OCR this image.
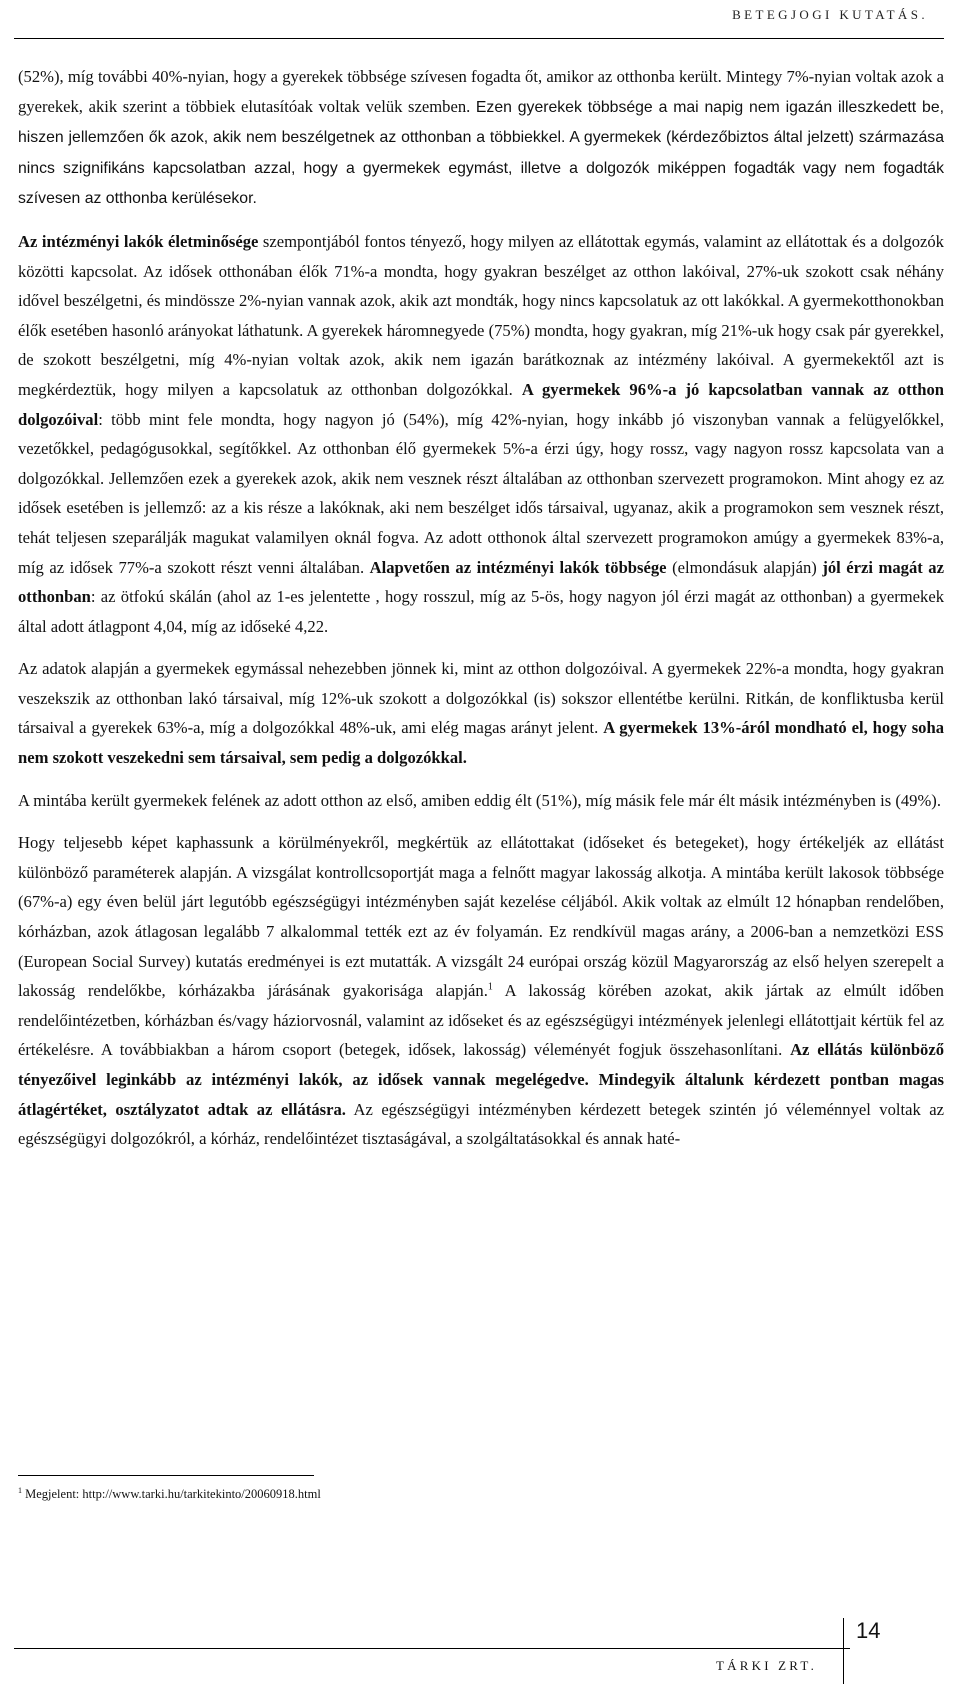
BETEGJOGI KUTATÁS.

(52%), míg további 40%-nyian, hogy a gyerekek többsége szívesen fogadta őt, amikor az otthonba került. Mintegy 7%-nyian voltak azok a gyerekek, akik szerint a többiek elutasítóak voltak velük szemben. Ezen gyerekek többsége a mai napig nem igazán illeszkedett be, hiszen jellemzően ők azok, akik nem beszélgetnek az otthonban a többiekkel. A gyermekek (kérdezőbiztos által jelzett) származása nincs szignifikáns kapcsolatban azzal, hogy a gyermekek egymást, illetve a dolgozók miképpen fogadták vagy nem fogadták szívesen az otthonba kerülésekor.

Az intézményi lakók életminősége szempontjából fontos tényező, hogy milyen az ellátottak egymás, valamint az ellátottak és a dolgozók közötti kapcsolat. Az idősek otthonában élők 71%-a mondta, hogy gyakran beszélget az otthon lakóival, 27%-uk szokott csak néhány idővel beszélgetni, és mindössze 2%-nyian vannak azok, akik azt mondták, hogy nincs kapcsolatuk az ott lakókkal. A gyermekotthonokban élők esetében hasonló arányokat láthatunk. A gyerekek háromnegyede (75%) mondta, hogy gyakran, míg 21%-uk hogy csak pár gyerekkel, de szokott beszélgetni, míg 4%-nyian voltak azok, akik nem igazán barátkoznak az intézmény lakóival. A gyermekektől azt is megkérdeztük, hogy milyen a kapcsolatuk az otthonban dolgozókkal. A gyermekek 96%-a jó kapcsolatban vannak az otthon dolgozóival: több mint fele mondta, hogy nagyon jó (54%), míg 42%-nyian, hogy inkább jó viszonyban vannak a felügyelőkkel, vezetőkkel, pedagógusokkal, segítőkkel. Az otthonban élő gyermekek 5%-a érzi úgy, hogy rossz, vagy nagyon rossz kapcsolata van a dolgozókkal. Jellemzően ezek a gyerekek azok, akik nem vesznek részt általában az otthonban szervezett programokon. Mint ahogy ez az idősek esetében is jellemző: az a kis része a lakóknak, aki nem beszélget idős társaival, ugyanaz, akik a programokon sem vesznek részt, tehát teljesen szeparálják magukat valamilyen oknál fogva. Az adott otthonok által szervezett programokon amúgy a gyermekek 83%-a, míg az idősek 77%-a szokott részt venni általában. Alapvetően az intézményi lakók többsége (elmondásuk alapján) jól érzi magát az otthonban: az ötfokú skálán (ahol az 1-es jelentette , hogy rosszul, míg az 5-ös, hogy nagyon jól érzi magát az otthonban) a gyermekek által adott átlagpont 4,04, míg az időseké 4,22.

Az adatok alapján a gyermekek egymással nehezebben jönnek ki, mint az otthon dolgozóival. A gyermekek 22%-a mondta, hogy gyakran veszekszik az otthonban lakó társaival, míg 12%-uk szokott a dolgozókkal (is) sokszor ellentétbe kerülni. Ritkán, de konfliktusba kerül társaival a gyerekek 63%-a, míg a dolgozókkal 48%-uk, ami elég magas arányt jelent. A gyermekek 13%-áról mondható el, hogy soha nem szokott veszekedni sem társaival, sem pedig a dolgozókkal.

A mintába került gyermekek felének az adott otthon az első, amiben eddig élt (51%), míg másik fele már élt másik intézményben is (49%).

Hogy teljesebb képet kaphassunk a körülményekről, megkértük az ellátottakat (időseket és betegeket), hogy értékeljék az ellátást különböző paraméterek alapján. A vizsgálat kontrollcsoportját maga a felnőtt magyar lakosság alkotja. A mintába került lakosok többsége (67%-a) egy éven belül járt legutóbb egészségügyi intézményben saját kezelése céljából. Akik voltak az elmúlt 12 hónapban rendelőben, kórházban, azok átlagosan legalább 7 alkalommal tették ezt az év folyamán. Ez rendkívül magas arány, a 2006-ban a nemzetközi ESS (European Social Survey) kutatás eredményei is ezt mutatták. A vizsgált 24 európai ország közül Magyarország az első helyen szerepelt a lakosság rendelőkbe, kórházakba járásának gyakorisága alapján.$^1$ A lakosság körében azokat, akik jártak az elmúlt időben rendelőintézetben, kórházban és/vagy háziorvosnál, valamint az időseket és az egészségügyi intézmények jelenlegi ellátottjait kértük fel az értékelésre. A továbbiakban a három csoport (betegek, idősek, lakosság) véleményét fogjuk összehasonlítani. Az ellátás különböző tényezőivel leginkább az intézményi lakók, az idősek vannak megelégedve. Mindegyik általunk kérdezett pontban magas átlagértéket, osztályzatot adtak az ellátásra. Az egészségügyi intézményben kérdezett betegek szintén jó véleménnyel voltak az egészségügyi dolgozókról, a kórház, rendelőintézet tisztaságával, a szolgáltatásokkal és annak haté-

$^1$ Megjelent: http://www.tarki.hu/tarkitekinto/20060918.html
TÁRKI ZRT.
14
